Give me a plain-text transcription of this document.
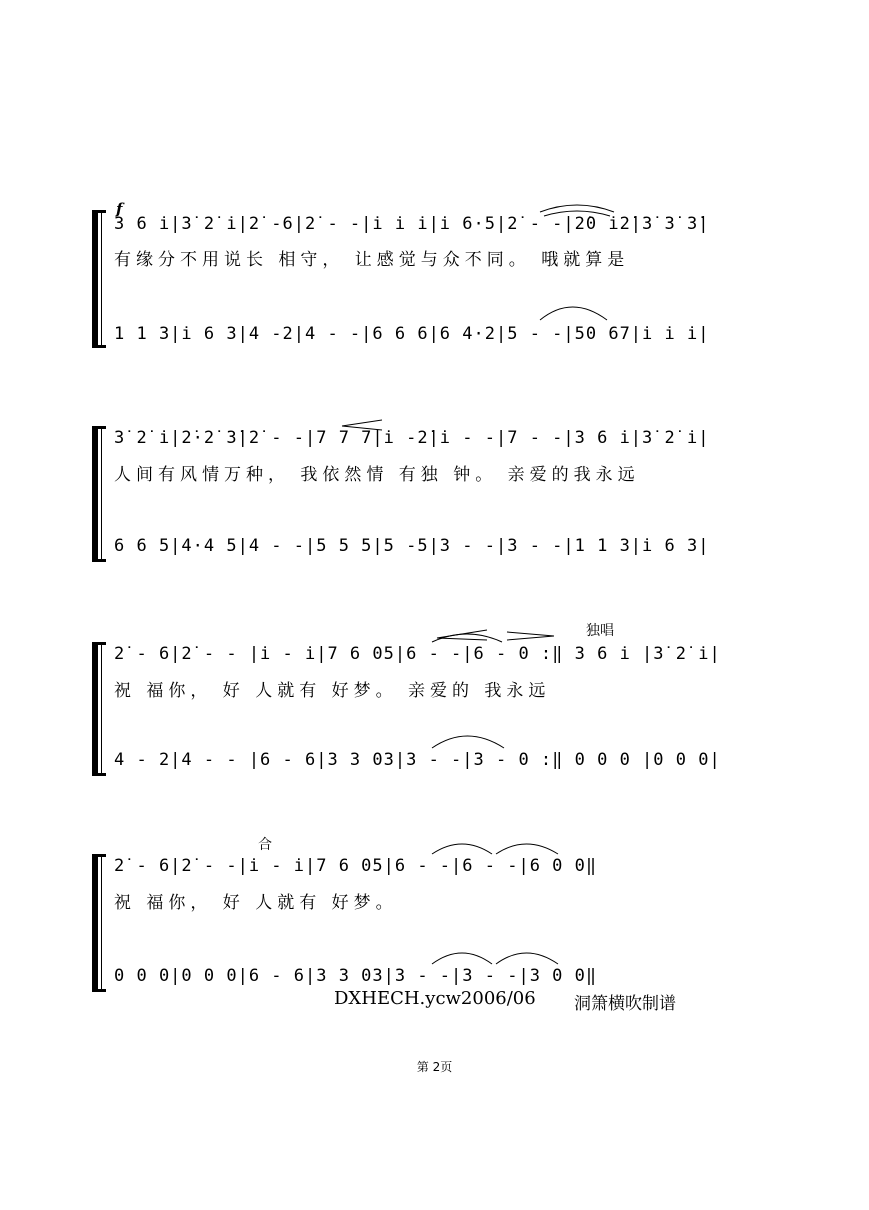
f
3 6 i̇|3̇ 2̇ i̇|2̇ -6|2̇ - -|i̇ i̇ i̇|i̇ 6·5|2̇ - -|2̇0 i̇2̇|3̇ 3̇ 3̇|
有缘分不用说长 相守， 让感觉与众不同。 哦就算是
1 1 3|i̇ 6 3|4 -2|4 - -|6 6 6|6 4·2|5 - -|50 67|i̇ i̇ i̇|
3̇ 2̇ i̇|2̇·2̇ 3̇|2̇ - -|7 7 7|i̇ -2̇|i̇ - -|7 - -|3 6 i̇|3̇ 2̇ i̇|
人间有风情万种， 我依然情 有独 钟。 亲爱的我永远
6 6 5|4·4 5|4 - -|5 5 5|5 -5|3 - -|3 - -|1 1 3|i̇ 6 3|
独唱
2̇ - 6|2̇ - - |i̇ - i̇|7 6 05|6 - -|6 - 0 :‖ 3 6 i̇ |3̇ 2̇ i̇|
祝 福你， 好 人就有 好梦。 亲爱的 我永远
4 - 2|4 - - |6 - 6|3 3 03|3 - -|3 - 0 :‖ 0 0 0 |0 0 0|
合
2̇ - 6|2̇ - -|i̇ - i̇|7 6 05|6 - -|6 - -|6 0 0‖
祝 福你， 好 人就有 好梦。
0 0 0|0 0 0|6 - 6|3 3 03|3 - -|3 - -|3 0 0‖
DXHECH.ycw2006/06 洞箫横吹制谱
第 2页
